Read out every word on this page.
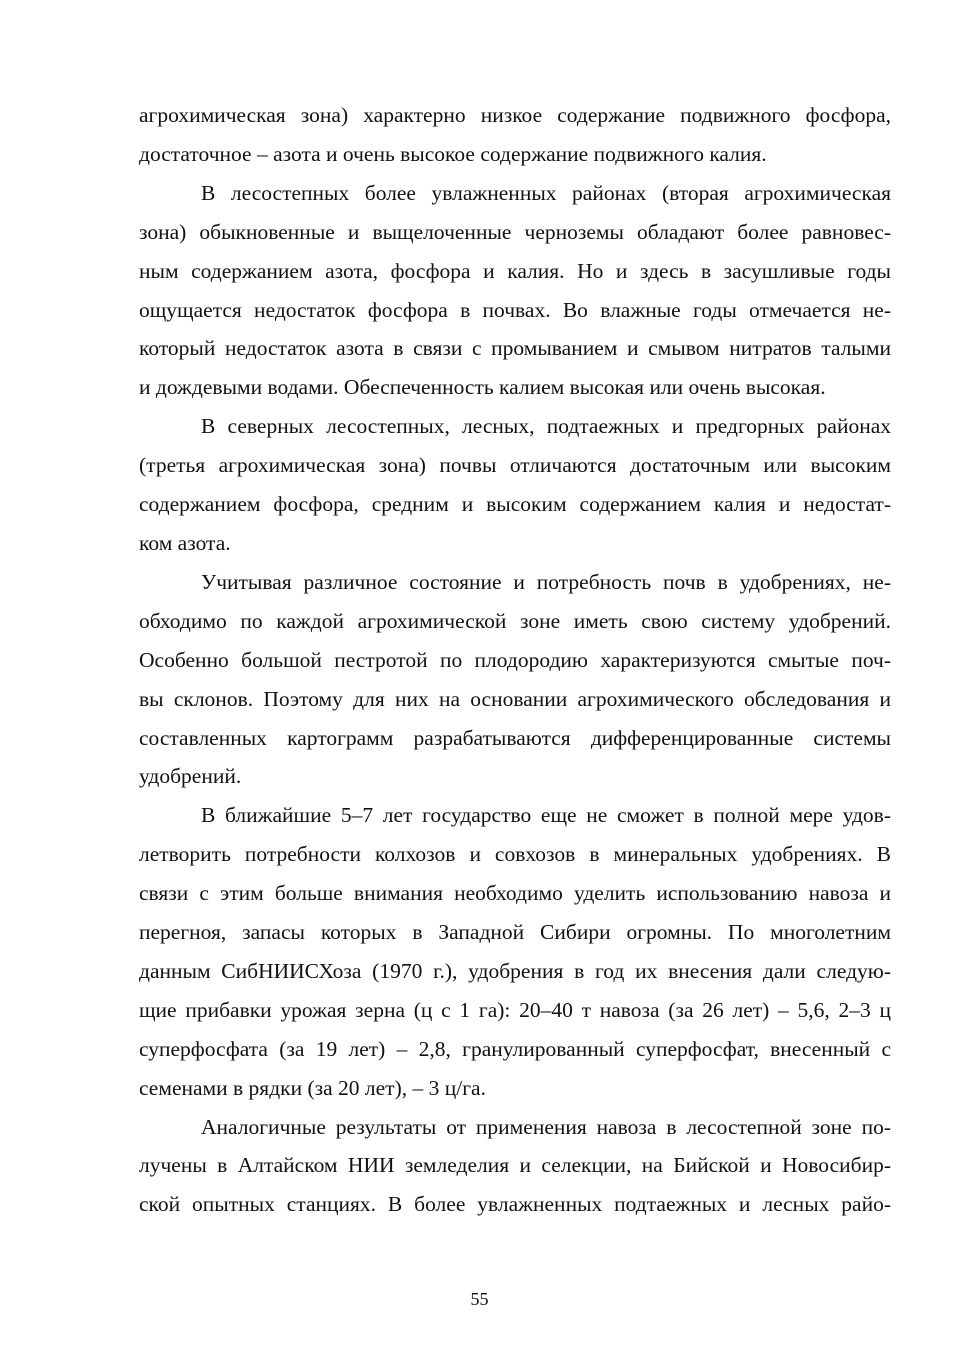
агрохимическая зона) характерно низкое содержание подвижного фосфора,
достаточное – азота и очень высокое содержание подвижного калия.
В лесостепных более увлажненных районах (вторая агрохимическая
зона) обыкновенные и выщелоченные черноземы обладают более равновес-
ным содержанием азота, фосфора и калия. Но и здесь в засушливые годы
ощущается недостаток фосфора в почвах. Во влажные годы отмечается не-
который недостаток азота в связи с промыванием и смывом нитратов талыми
и дождевыми водами. Обеспеченность калием высокая или очень высокая.
В северных лесостепных, лесных, подтаежных и предгорных районах
(третья агрохимическая зона) почвы отличаются достаточным или высоким
содержанием фосфора, средним и высоким содержанием калия и недостат-
ком азота.
Учитывая различное состояние и потребность почв в удобрениях, не-
обходимо по каждой агрохимической зоне иметь свою систему удобрений.
Особенно большой пестротой по плодородию характеризуются смытые поч-
вы склонов. Поэтому для них на основании агрохимического обследования и
составленных картограмм разрабатываются дифференцированные системы
удобрений.
В ближайшие 5–7 лет государство еще не сможет в полной мере удов-
летворить потребности колхозов и совхозов в минеральных удобрениях. В
связи с этим больше внимания необходимо уделить использованию навоза и
перегноя, запасы которых в Западной Сибири огромны. По многолетним
данным СибНИИСХоза (1970 г.), удобрения в год их внесения дали следую-
щие прибавки урожая зерна (ц с 1 га): 20–40 т навоза (за 26 лет) – 5,6, 2–3 ц
суперфосфата (за 19 лет) – 2,8, гранулированный суперфосфат, внесенный с
семенами в рядки (за 20 лет), – 3 ц/га.
Аналогичные результаты от применения навоза в лесостепной зоне по-
лучены в Алтайском НИИ земледелия и селекции, на Бийской и Новосибир-
ской опытных станциях. В более увлажненных подтаежных и лесных райо-
55
